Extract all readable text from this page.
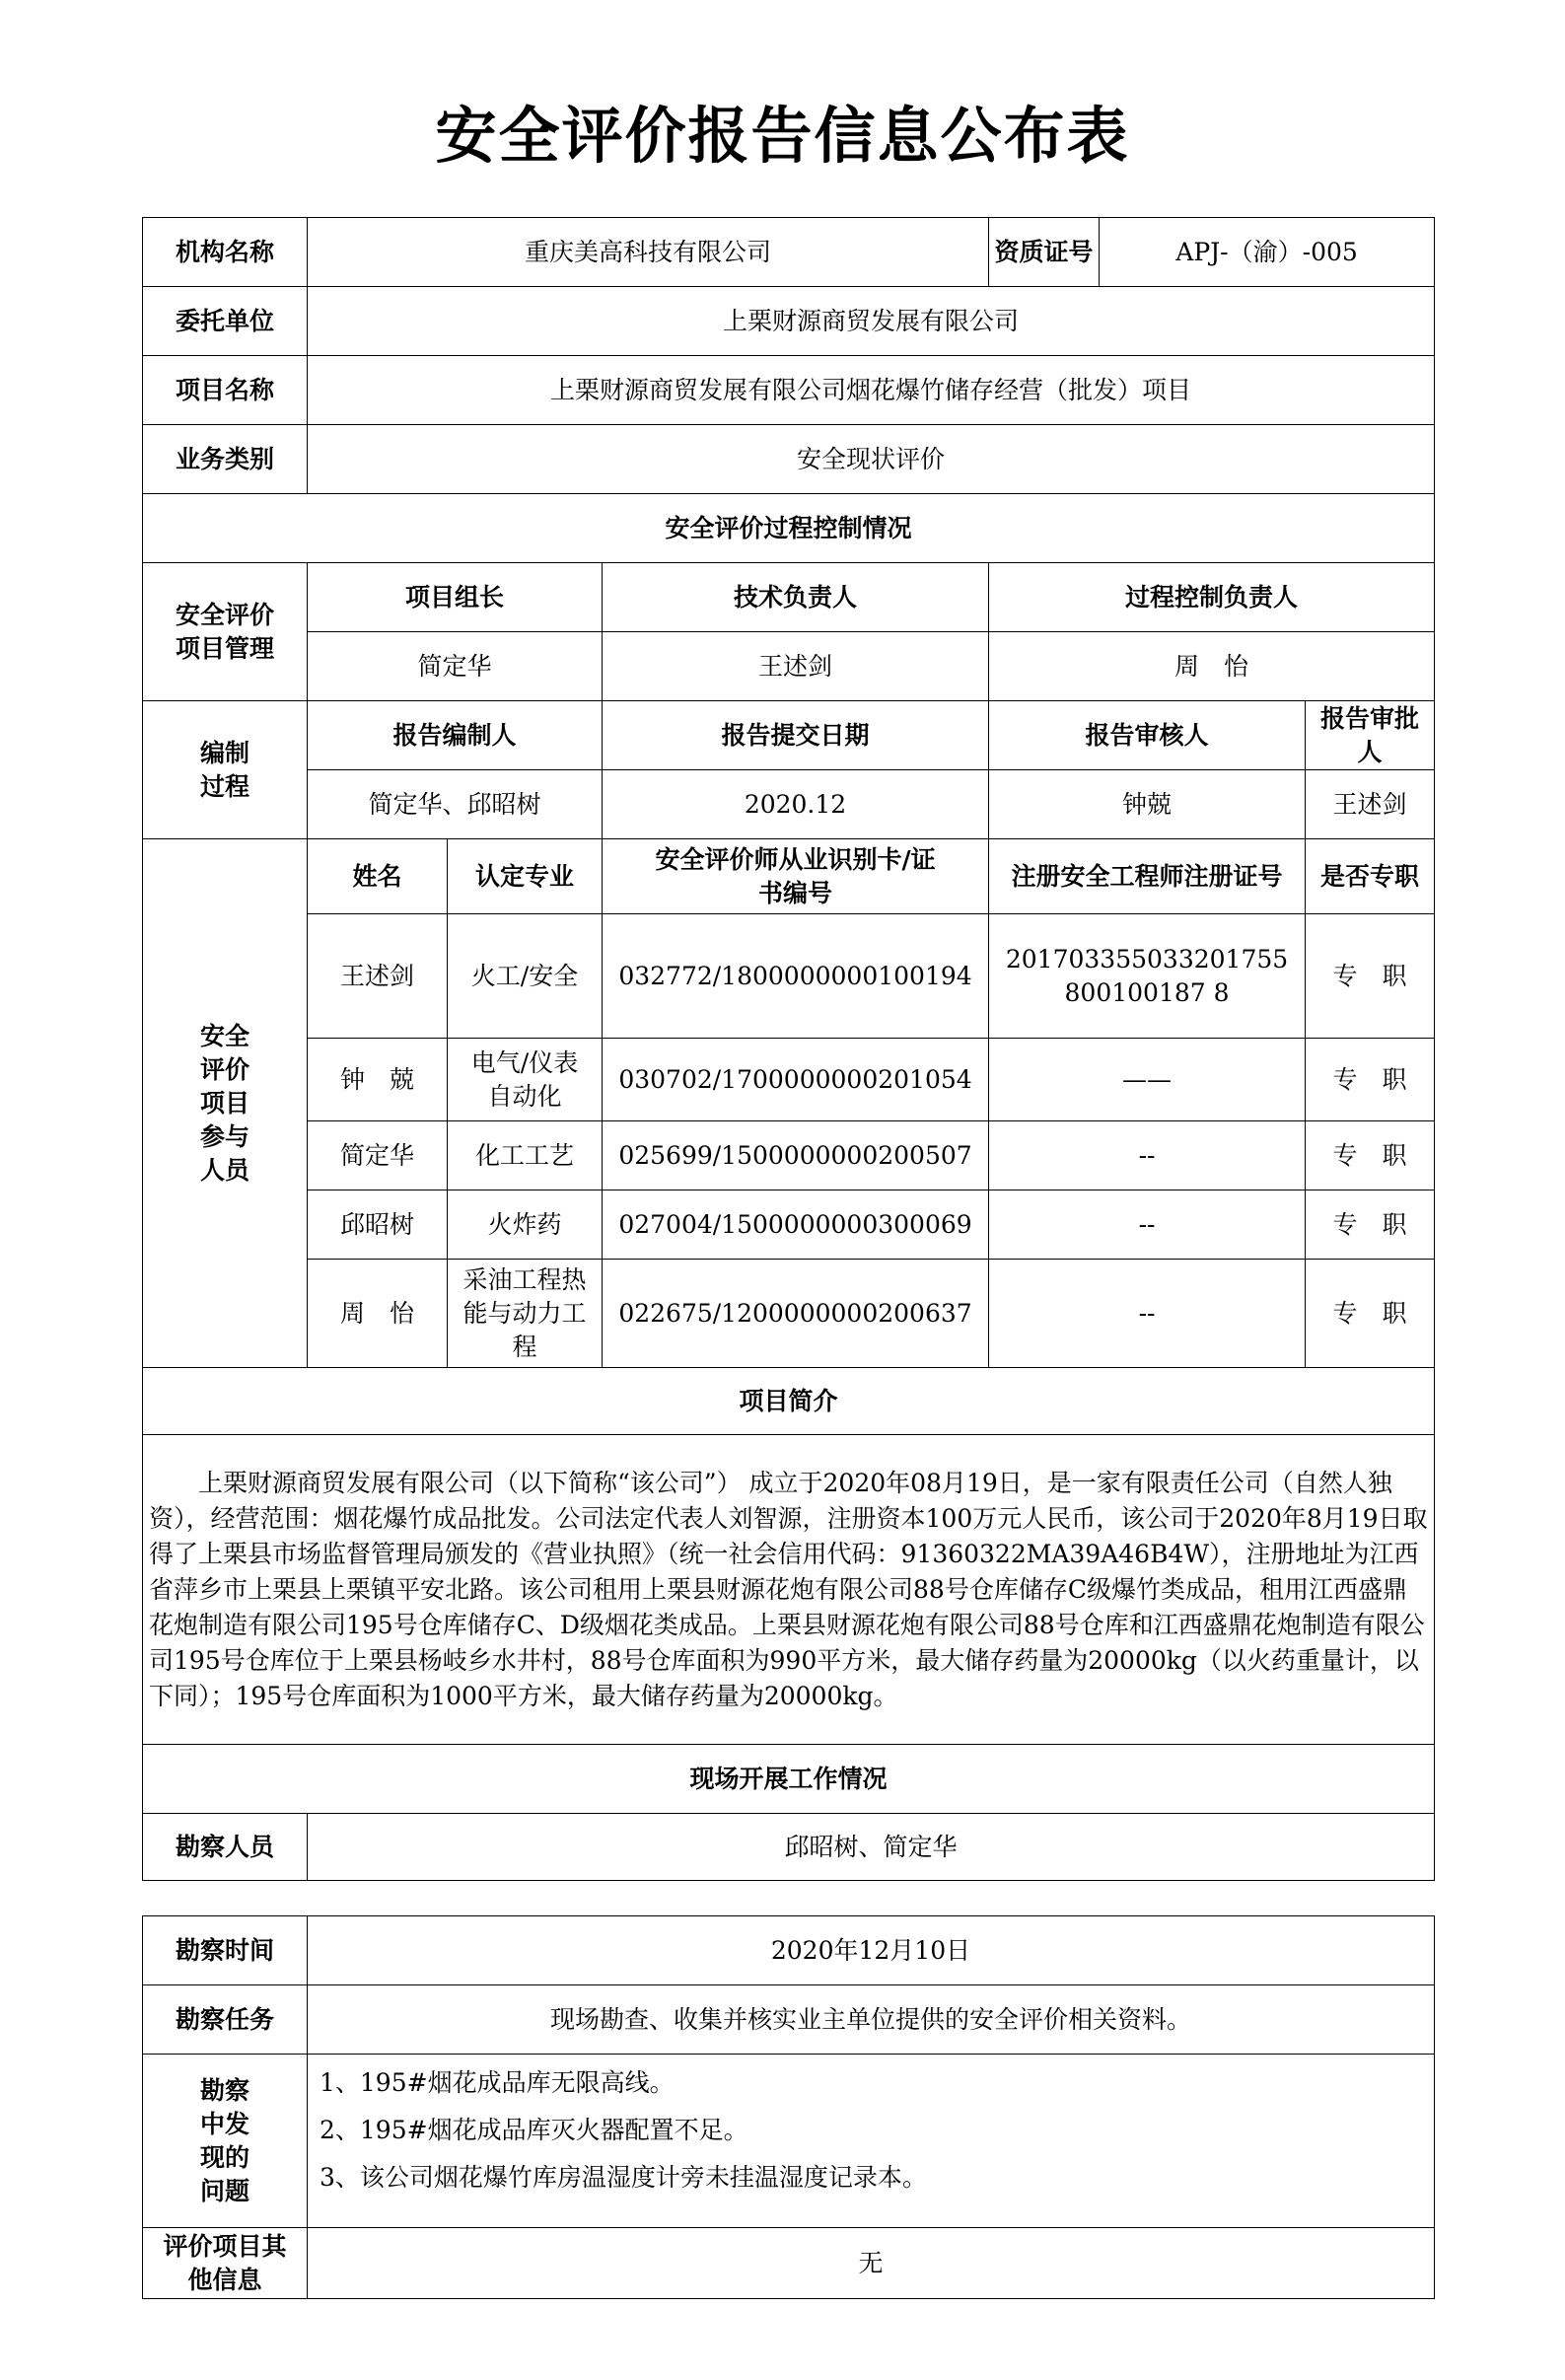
安全评价报告信息公布表
机构名称	重庆美高科技有限公司			资质证号	APJ-（渝）-005	
委托单位	上栗财源商贸发展有限公司					
项目名称	上栗财源商贸发展有限公司烟花爆竹储存经营（批发）项目					
业务类别	安全现状评价					
安全评价过程控制情况						
安全评价项目管理	项目组长		技术负责人	过程控制负责人		
	简定华		王述剑	周　怡		
编制过程	报告编制人		报告提交日期	报告审核人		报告审批人
	简定华、邱昭树		2020.12	钟兢		王述剑
安全评价项目参与人员	姓名	认定专业	安全评价师从业识别卡/证书编号	注册安全工程师注册证号		是否专职
	王述剑	火工/安全	032772/1800000000100194	201703355033201755800100187 8		专　职
	钟　兢	电气/仪表自动化	030702/1700000000201054	——		专　职
	简定华	化工工艺	025699/1500000000200507	--		专　职
	邱昭树	火炸药	027004/1500000000300069	--		专　职
	周　怡	采油工程热能与动力工程	022675/1200000000200637	--		专　职
项目简介						
上栗财源商贸发展有限公司（以下简称“该公司”） 成立于2020年08月19日，是一家有限责任公司（自然人独资），经营范围：烟花爆竹成品批发。公司法定代表人刘智源，注册资本100万元人民币，该公司于2020年8月19日取得了上栗县市场监督管理局颁发的《营业执照》（统一社会信用代码：91360322MA39A46B4W），注册地址为江西省萍乡市上栗县上栗镇平安北路。该公司租用上栗县财源花炮有限公司88号仓库储存C级爆竹类成品，租用江西盛鼎花炮制造有限公司195号仓库储存C、D级烟花类成品。上栗县财源花炮有限公司88号仓库和江西盛鼎花炮制造有限公司195号仓库位于上栗县杨岐乡水井村，88号仓库面积为990平方米，最大储存药量为20000kg（以火药重量计，以下同）；195号仓库面积为1000平方米，最大储存药量为20000kg。						
现场开展工作情况						
勘察人员	邱昭树、简定华					
勘察时间	2020年12月10日
勘察任务	现场勘查、收集并核实业主单位提供的安全评价相关资料。
勘察中发现的问题	1、195#烟花成品库无限高线。
2、195#烟花成品库灭火器配置不足。
3、该公司烟花爆竹库房温湿度计旁未挂温湿度记录本。

评价项目其他信息	无
